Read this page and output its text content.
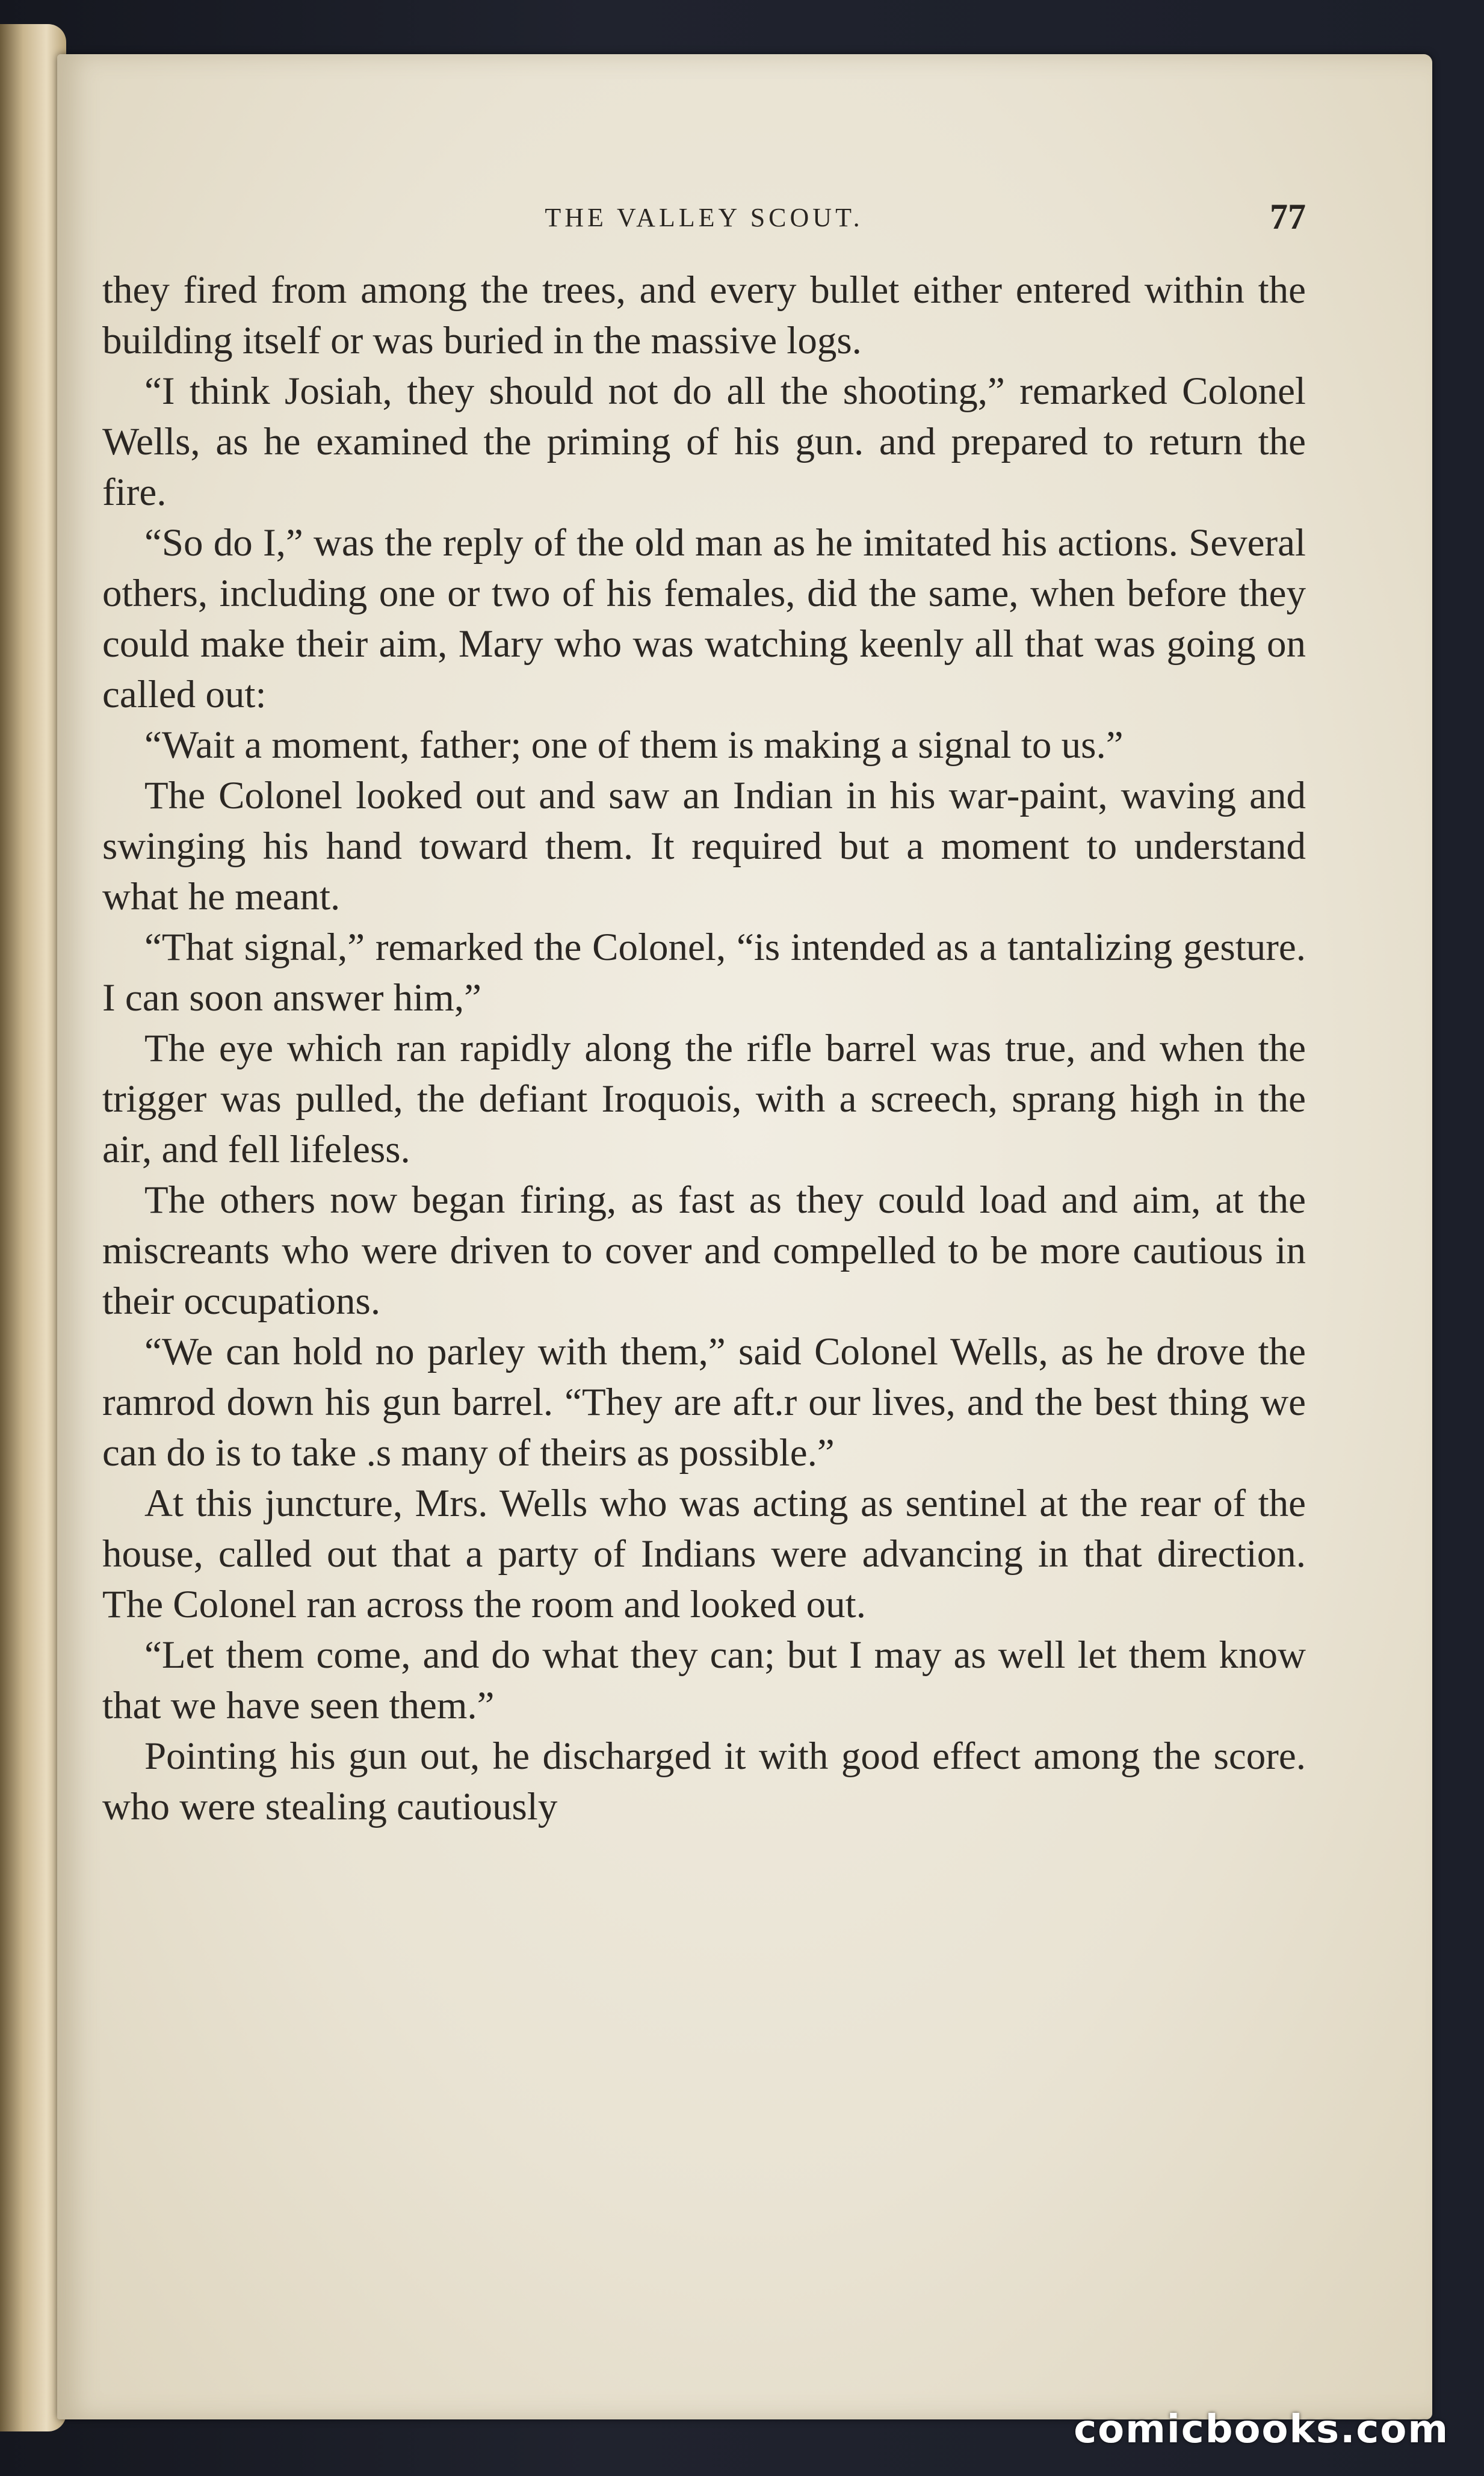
THE VALLEY SCOUT.	77

they fired from among the trees, and every bullet either entered within the building itself or was buried in the massive logs.

“I think Josiah, they should not do all the shooting,” remarked Colonel Wells, as he examined the priming of his gun. and prepared to return the fire.

“So do I,” was the reply of the old man as he imitated his actions. Several others, including one or two of his females, did the same, when before they could make their aim, Mary who was watching keenly all that was going on called out:

“Wait a moment, father; one of them is making a signal to us.”

The Colonel looked out and saw an Indian in his war-paint, waving and swinging his hand toward them. It required but a moment to understand what he meant.

“That signal,” remarked the Colonel, “is intended as a tantalizing gesture. I can soon answer him,”

The eye which ran rapidly along the rifle barrel was true, and when the trigger was pulled, the defiant Iroquois, with a screech, sprang high in the air, and fell lifeless.

The others now began firing, as fast as they could load and aim, at the miscreants who were driven to cover and compelled to be more cautious in their occupations.

“We can hold no parley with them,” said Colonel Wells, as he drove the ramrod down his gun barrel. “They are aft.r our lives, and the best thing we can do is to take .s many of theirs as possible.”

At this juncture, Mrs. Wells who was acting as sentinel at the rear of the house, called out that a party of Indians were advancing in that direction. The Colonel ran across the room and looked out.

“Let them come, and do what they can; but I may as well let them know that we have seen them.”

Pointing his gun out, he discharged it with good effect among the score. who were stealing cautiously

comicbooks.com
